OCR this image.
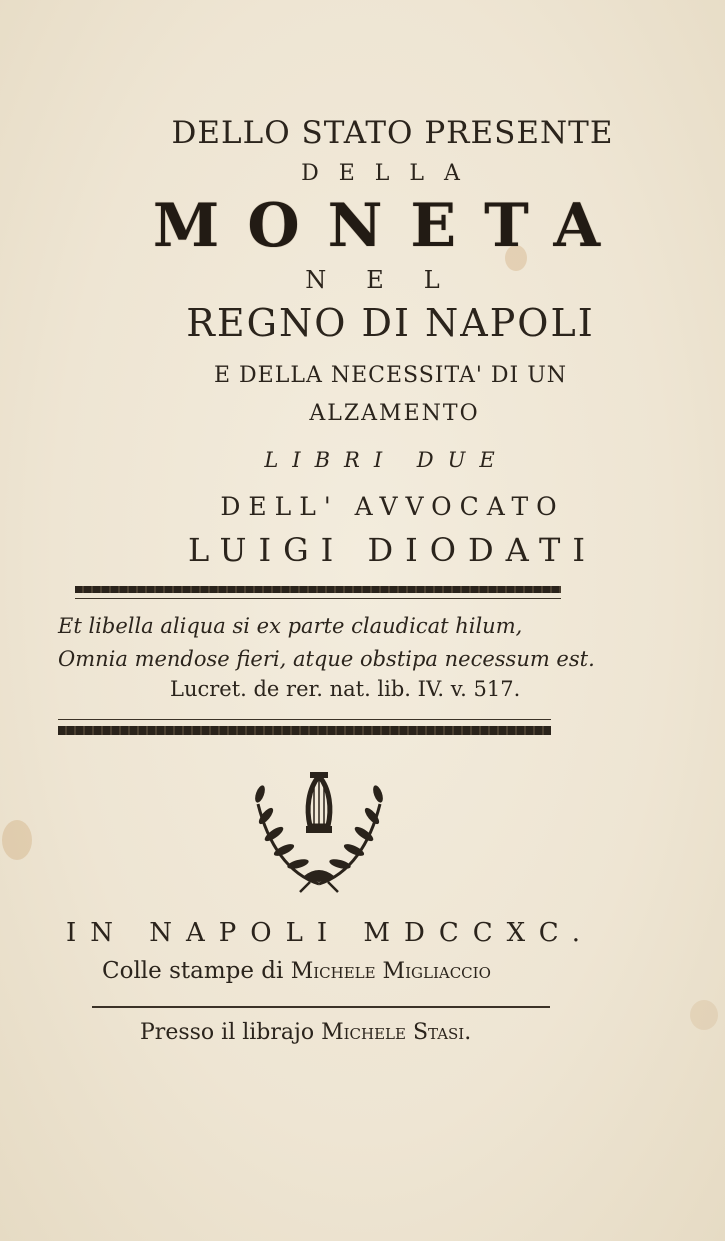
DELLO STATO PRESENTE
DELLA
MONETA
NEL
REGNO DI NAPOLI
E DELLA NECESSITA' DI UN
ALZAMENTO
LIBRI DUE
DELL' AVVOCATO
LUIGI DIODATI
Et libella aliqua si ex parte claudicat hilum,
Omnia mendose fieri, atque obstipa necessum est.
Lucret. de rer. nat. lib. IV. v. 517.
IN NAPOLI MDCCXC.
Colle stampe di Michele Migliaccio
Presso il librajo Michele Stasi.
